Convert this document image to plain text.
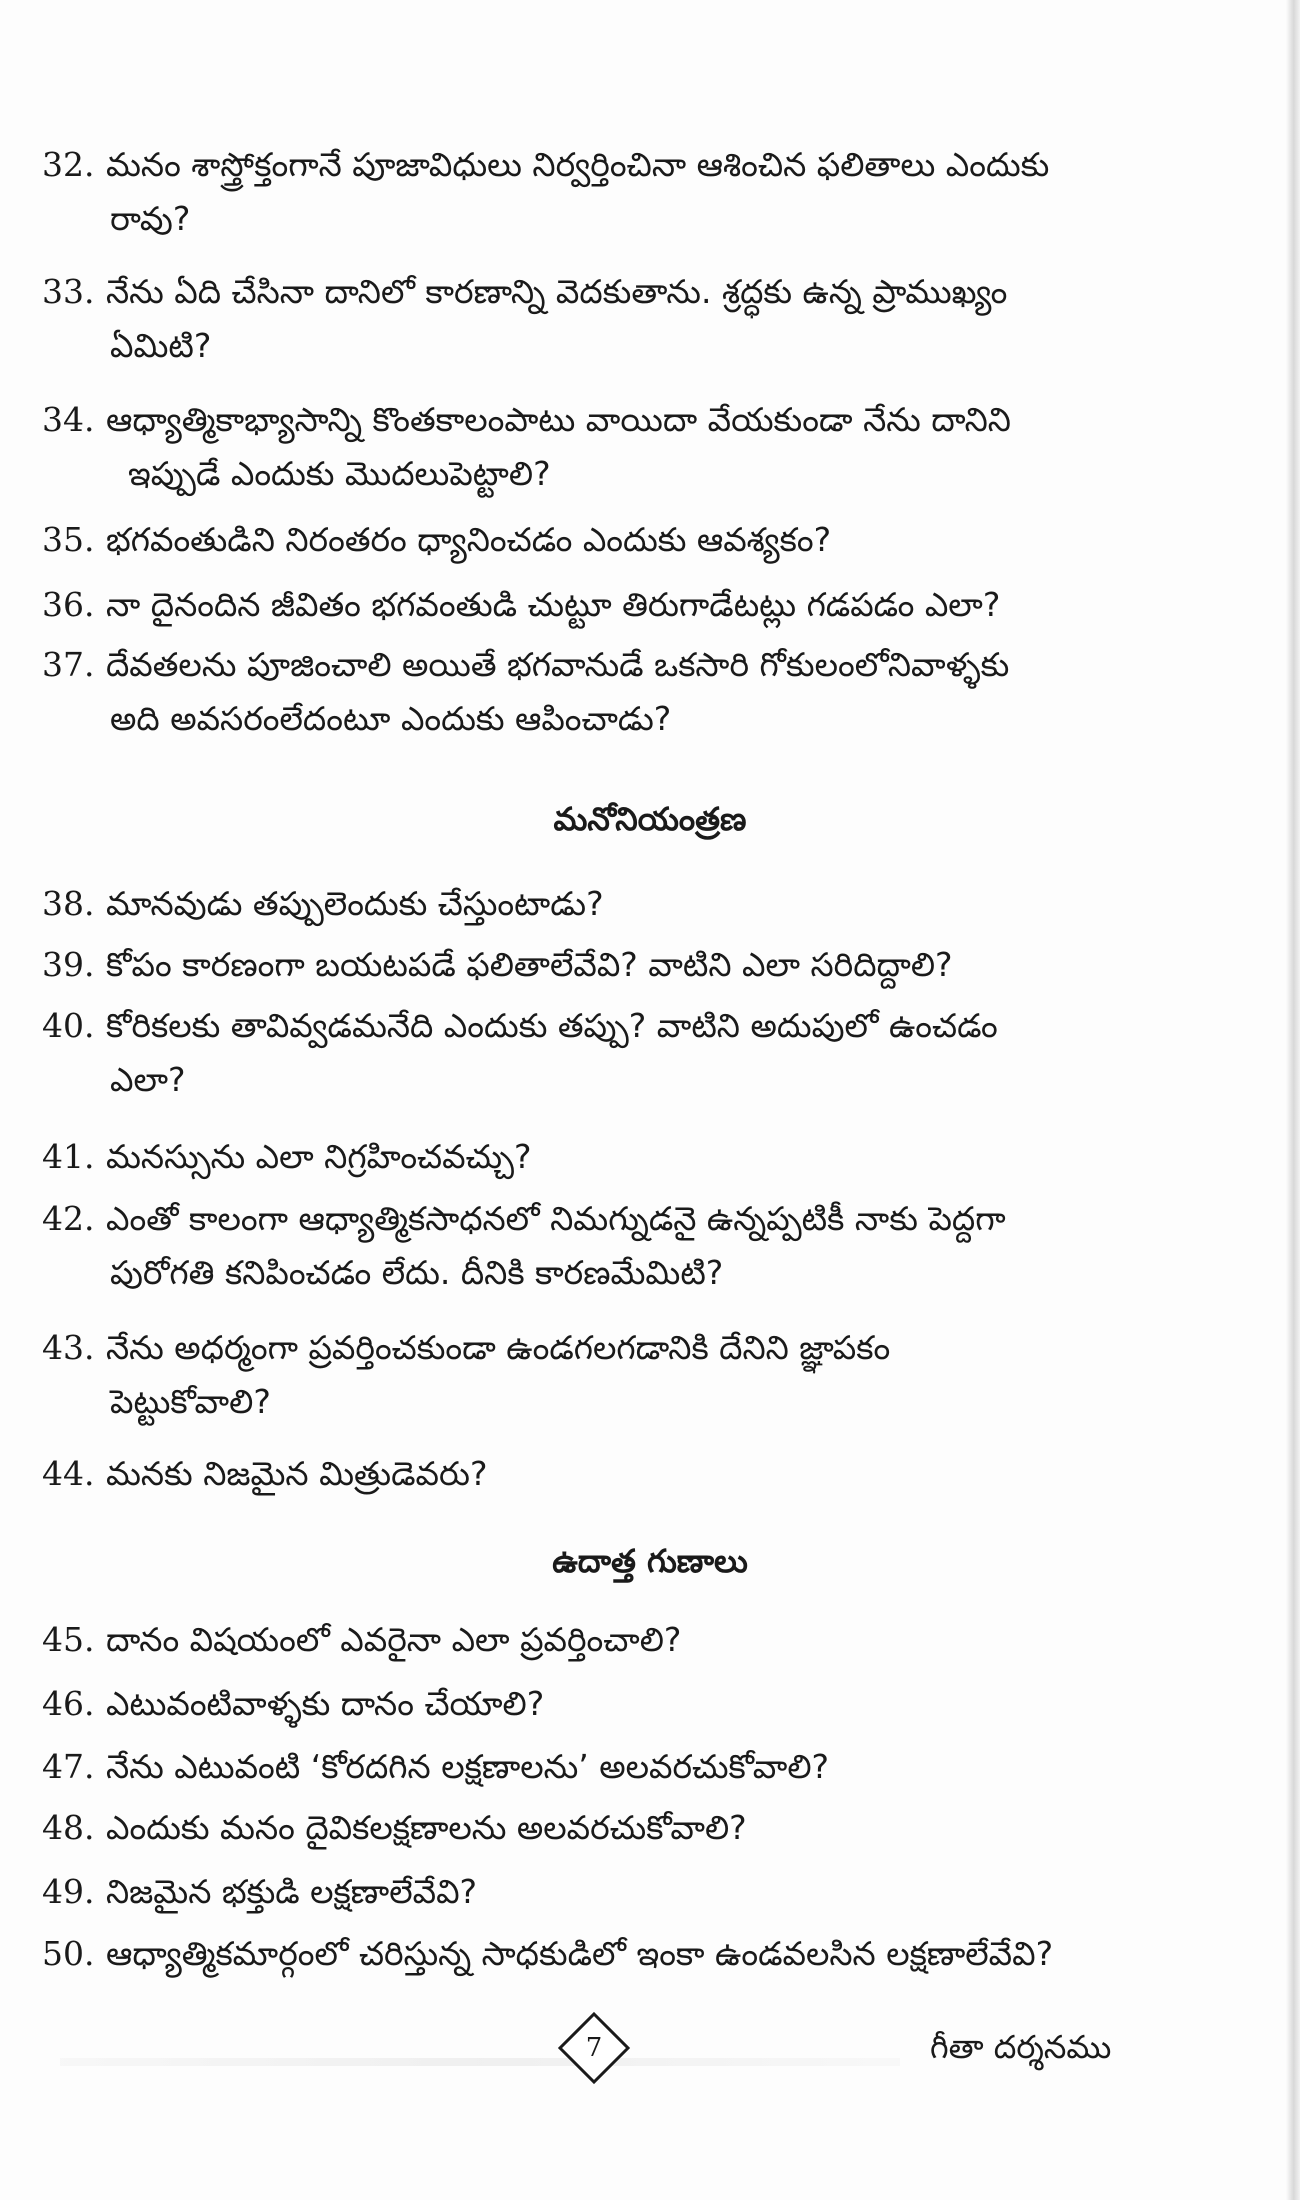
32. మనం శాస్త్రోక్తంగానే పూజావిధులు నిర్వర్తించినా ఆశించిన ఫలితాలు ఎందుకు
రావు?
33. నేను ఏది చేసినా దానిలో కారణాన్ని వెదకుతాను. శ్రద్ధకు ఉన్న ప్రాముఖ్యం
ఏమిటి?
34. ఆధ్యాత్మికాభ్యాసాన్ని కొంతకాలంపాటు వాయిదా వేయకుండా నేను దానిని
ఇప్పుడే ఎందుకు మొదలుపెట్టాలి?
35. భగవంతుడిని నిరంతరం ధ్యానించడం ఎందుకు ఆవశ్యకం?
36. నా దైనందిన జీవితం భగవంతుడి చుట్టూ తిరుగాడేటట్లు గడపడం ఎలా?
37. దేవతలను పూజించాలి అయితే భగవానుడే ఒకసారి గోకులంలోనివాళ్ళకు
అది అవసరంలేదంటూ ఎందుకు ఆపించాడు?
మనోనియంత్రణ
38. మానవుడు తప్పులెందుకు చేస్తుంటాడు?
39. కోపం కారణంగా బయటపడే ఫలితాలేవేవి? వాటిని ఎలా సరిదిద్దాలి?
40. కోరికలకు తావివ్వడమనేది ఎందుకు తప్పు? వాటిని అదుపులో ఉంచడం
ఎలా?
41. మనస్సును ఎలా నిగ్రహించవచ్చు?
42. ఎంతో కాలంగా ఆధ్యాత్మికసాధనలో నిమగ్నుడనై ఉన్నప్పటికీ నాకు పెద్దగా
పురోగతి కనిపించడం లేదు. దీనికి కారణమేమిటి?
43. నేను అధర్మంగా ప్రవర్తించకుండా ఉండగలగడానికి దేనిని జ్ఞాపకం
పెట్టుకోవాలి?
44. మనకు నిజమైన మిత్రుడెవరు?
ఉదాత్త గుణాలు
45. దానం విషయంలో ఎవరైనా ఎలా ప్రవర్తించాలి?
46. ఎటువంటివాళ్ళకు దానం చేయాలి?
47. నేను ఎటువంటి ‘కోరదగిన లక్షణాలను’ అలవరచుకోవాలి?
48. ఎందుకు మనం దైవికలక్షణాలను అలవరచుకోవాలి?
49. నిజమైన భక్తుడి లక్షణాలేవేవి?
50. ఆధ్యాత్మికమార్గంలో చరిస్తున్న సాధకుడిలో ఇంకా ఉండవలసిన లక్షణాలేవేవి?
7	గీతా దర్శనము
